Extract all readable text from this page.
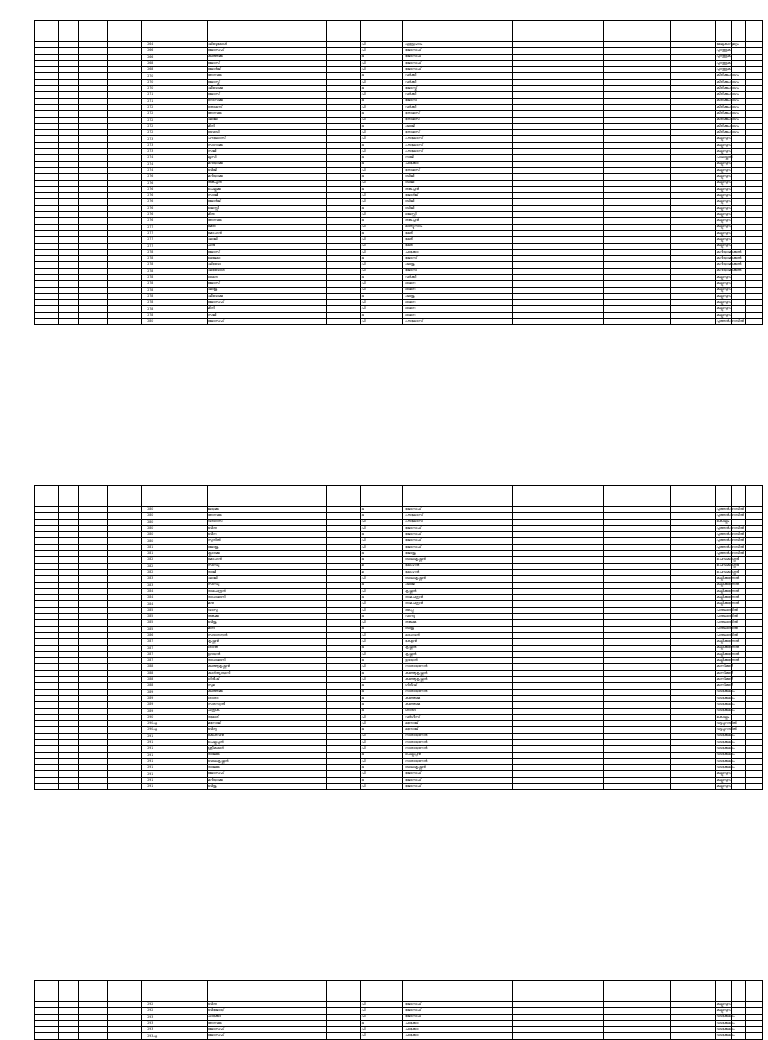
				264	ഷിബുമോൾ		പി	എബ്രഹാം				മേലുകാവുമറ്റം		
				266	ജോസഫ്		പി	ജോസഫ്				പുറത്തുക		
				266	കുഞ്ഞമ്മ		ഭ	ജോസഫ്				പുറത്തുക		
				268	ജോസ്		പി	ജോസഫ്				പുറത്തുക		
				268	ജോർജ്		പി	ജോസഫ്				പുറത്തുക		
				270	അന്നമ്മ		ഭ	വർക്കി				കിഴിക്കുംഭാഗം		
				270	ജോസ്ക്		പി	വർക്കി				കിഴിക്കുംഭാഗം		
				270	ഷീബാമ്മ		ഭ	ജോസ്ക്				കിഴിക്കുംഭാഗം		
				271	ജോസ്		പി	വർക്കി				കിഴിക്കുംഭാഗം		
				271	റോസമ്മ		ഭ	ജോസ്				കിഴിക്കുംഭാഗം		
				272	തോമസ്		പി	വർക്കി				കിഴിക്കുംഭാഗം		
				272	അന്നമ്മ		ഭ	തോമസ്				കിഴിക്കുംഭാഗം		
				272	ഷാജി		പി	തോമസ്				കിഴിക്കുംഭാഗം		
				272	മിനി		ഭ	ഷാജി				കിഴിക്കുംഭാഗം		
				272	ബേബി		പി	തോമസ്				കിഴിക്കുംഭാഗം		
				273	പൗലോസ്		പി	പൗലോസ്				കല്ലുമ്പുറം		
				273	സാറാമ്മ		ഭ	പൗലോസ്				കല്ലുമ്പുറം		
				273	സജി		പി	പൗലോസ്				കല്ലുമ്പുറം		
				274	ലൂസി		ഭ	സജി				പാലയ്ക്കൽ		
				274	മറിയാമ്മ		ഭ	ചാക്കോ				കല്ലുമ്പുറം		
				274	ബിജി		പി	തോമസ്				കല്ലുമ്പുറം		
				276	മറിയാമ്മ		ഭ	ബിജി				കല്ലുമ്പുറം		
				276	തങ്കച്ചൻ		പി	ബിജി				കല്ലുമ്പുറം		
				276	ചെല്ലമ്മ		ഭ	തങ്കച്ചൻ				കല്ലുമ്പുറം		
				276	സാജി		പി	ജോർജ്				കല്ലുമ്പുറം		
				276	ജോർജ്		പി	ബിജി				കല്ലുമ്പുറം		
				276	ജെസ്സി		ഭ	ബിജി				കല്ലുമ്പുറം		
				276	മിനു		പി	ജെസ്സി				കല്ലുമ്പുറം		
				276	അന്നമ്മ		ഭ	തങ്കച്ചൻ				കല്ലുമ്പുറം		
				277	മേരി		പി	മാത്യുസാം				കല്ലുമ്പുറം		
				277	മോഹൻ		ഭ	മേരി				കല്ലുമ്പുറം		
				277	ഷാജി		പി	മേരി				കല്ലുമ്പുറം		
				277	ചിരി		പി	മേരി				കല്ലുമ്പുറം		
				278	ജോസ്		പി	ചാക്കോ				കറിയാമാക്കൽ		
				278	ജൈമാ		ഭ	ജോസ്				കറിയാമാക്കൽ		
				278	ഷിബോ		പി	ഷാജു				കറിയാമാക്കൽ		
				278	ഷിബോൾ		പി	ജോസ്				കറിയാമാക്കൽ		
				278	ഓമന		ഭ	വർക്കി				കല്ലുമ്പുറം		
				278	ജോസ്		പി	ഓമന				കല്ലുമ്പുറം		
				278	ഷാജു		പി	ഓമന				കല്ലുമ്പുറം		
				278	ഷീബാമ്മ		ഭ	ഷാജു				കല്ലുമ്പുറം		
				278	ജോസഫ്		പി	ഓമന				കല്ലുമ്പുറം		
				278	മിനി		പി	ഓമന				കല്ലുമ്പുറം		
				278	സജി		ഭ	ഓമന				കല്ലുമ്പുറം		
				280	ജോസഫ്		പി	പൗലോസ്				പുത്തൻപറമ്പിൽ		

				280	ജയമ്മ		ഭ	ജോസഫ്				പുത്തൻപറമ്പിൽ		
				280	അന്നമ്മ		ഭ	പൗലോസ്				പുത്തൻപറമ്പിൽ		
				280	വർഗീസ്		പി	പൗലോസ്				കൊല്ലം		
				280	ബിനു		പി	ജോസഫ്				പുത്തൻപറമ്പിൽ		
				280	ബീന		ഭ	ജോസഫ്				പുത്തൻപറമ്പിൽ		
				280	സുനിൽ		പി	ജോസഫ്				പുത്തൻപറമ്പിൽ		
				281	ജോജു		പി	ജോസഫ്				പുത്തൻപറമ്പിൽ		
				281	ക്ലാരമ്മ		ഭ	ജോജു				പുത്തൻപറമ്പിൽ		
				282	മോഹൻ		ഭ	ബാലകൃഷ്ണൻ				ചെമ്പകശ്ശേരി		
				282	സിന്ധു		മ	മോഹൻ				ചെമ്പകശ്ശേരി		
				282	രാജി		മ	മോഹൻ				ചെമ്പകശ്ശേരി		
				283	ഷാജി		പി	ബാലകൃഷ്ണൻ				കല്ലിക്കുന്നേൽ		
				283	സിന്ധു		ഭ	ഷാജി				കല്ലിക്കുന്നേൽ		
				284	രാമചന്ദ്രൻ		പി	കൃഷ്ണൻ				കല്ലിക്കുന്നേൽ		
				284	രാധാമണി		ഭ	രാമചന്ദ്രൻ				കല്ലിക്കുന്നേൽ		
				284	മനു		പി	രാമചന്ദ്രൻ				കല്ലിക്കുന്നേൽ		
				285	വാസു		പി	അപ്പു				പന്തലായിൽ		
				285	തങ്കമ്മ		ഭ	വാസു				പന്തലായിൽ		
				285	ബിജു		പി	തങ്കമ്മ				പന്തലായിൽ		
				285	മിനി		ഭ	ബിജു				പന്തലായിൽ		
				286	സദാനന്ദൻ		പി	മാധവൻ				പന്തലായിൽ		
				287	കൃഷ്ണൻ		പി	കേളൻ				കല്ലിക്കുന്നേൽ		
				287	ശാന്ത		ഭ	കൃഷ്ണൻ				കല്ലിക്കുന്നേൽ		
				287	ഉദയൻ		പി	കൃഷ്ണൻ				കല്ലിക്കുന്നേൽ		
				287	രാധാമണി		ഭ	ഉദയൻ				കല്ലിക്കുന്നേൽ		
				288	കുഞ്ഞുകൃഷ്ണൻ		പി	നാരായണൻ				കുന്നിക്കുഴി		
				288	കാർത്യായനി		ഭ	കുഞ്ഞുകൃഷ്ണൻ				കുന്നിക്കുഴി		
				288	ഗിരീഷ്		പി	കുഞ്ഞുകൃഷ്ണൻ				കുന്നിക്കുഴി		
				288	സുമ		ഭ	ഗിരീഷ്				കുന്നിക്കുഴി		
				289	കുഞ്ഞമ്മ		ഭ	നാരായണൻ				വടക്കേമഠം		
				289	ശാരദ		ഭ	കുഞ്ഞമ്മ				വടക്കേമഠം		
				289	സരസ്വതി		ഭ	കുഞ്ഞമ്മ				വടക്കേമഠം		
				289	ചന്ദ്രിക		ഭ	ശാരദ				വടക്കേമഠം		
				290	രമേശ്		പി	വർഗീസ്				കൊല്ലം		
				290എ	മനോജ്		പി	മനോജ്				വട്ടപ്പറമ്പിൽ		
				290എ	ബിന്ദു		ഭ	മനോജ്				വട്ടപ്പറമ്പിൽ		
				291	കേശവൻ		പി	നാരായണൻ				വടക്കേമഠം		
				291	ചെല്ലപ്പൻ		പി	നാരായണൻ				വടക്കേമഠം		
				291	ശ്രീകുമാർ		പി	നാരായണൻ				വടക്കേമഠം		
				291	രാജമ്മ		ഭ	ചെല്ലപ്പൻ				വടക്കേമഠം		
				291	ബാലകൃഷ്ണൻ		പി	നാരായണൻ				വടക്കേമഠം		
				291	രാജമ്മ		ഭ	ബാലകൃഷ്ണൻ				വടക്കേമഠം		
				291	ജോസഫ്		പി	ജോസഫ്				കല്ലുമ്പുറം		
				291	മറിയാമ്മ		ഭ	ജോസഫ്				കല്ലുമ്പുറം		
				291	ബിജു		പി	ജോസഫ്				കല്ലുമ്പുറം		

				292	ബിനു		പി	ജോസഫ്				കല്ലുമ്പുറം		
				292	ബിജോയ്		പി	ജോസഫ്				കല്ലുമ്പുറം		
				293	ചാക്കോ		പി	ജോസഫ്				വടക്കേമഠം		
				293	അന്നമ്മ		ഭ	ചാക്കോ				വടക്കേമഠം		
				293	ജോസഫ്		പി	ചാക്കോ				വടക്കേമഠം		
				293എ	ജോസഫ്		പി	ചാക്കോ				വടക്കേമഠം		
